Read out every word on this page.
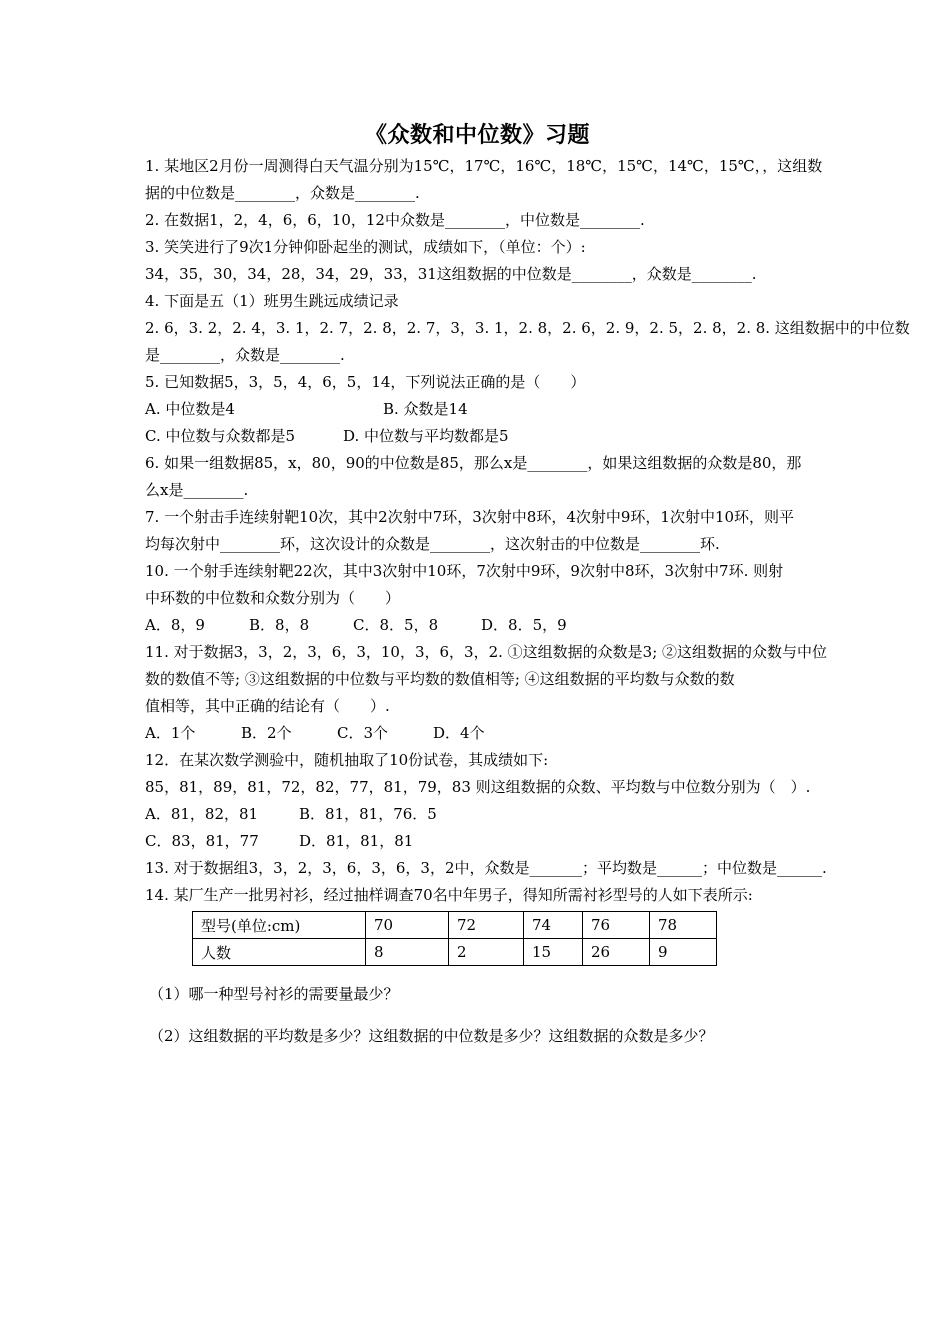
《众数和中位数》习题

1. 某地区2月份一周测得白天气温分别为15℃，17℃，16℃，18℃，15℃，14℃，15℃，，这组数

据的中位数是________，众数是________.

2. 在数据1，2，4，6，6，10，12中众数是________，中位数是________.

3. 笑笑进行了9次1分钟仰卧起坐的测试，成绩如下，（单位：个）:

34，35，30，34，28，34，29，33，31这组数据的中位数是________，众数是________.

4. 下面是五（1）班男生跳远成绩记录

2. 6，3. 2，2. 4，3. 1，2. 7，2. 8，2. 7，3，3. 1，2. 8，2. 6，2. 9，2. 5，2. 8，2. 8. 这组数据中的中位数

是________，众数是________.

5. 已知数据5，3，5，4，6，5，14，下列说法正确的是（　　）

A. 中位数是4	B. 众数是14
C. 中位数与众数都是5	D. 中位数与平均数都是5

6. 如果一组数据85，x，80，90的中位数是85，那么x是________，如果这组数据的众数是80，那

么x是________.

7. 一个射击手连续射靶10次，其中2次射中7环，3次射中8环，4次射中9环，1次射中10环，则平

均每次射中________环，这次设计的众数是________，这次射击的中位数是________环.

10. 一个射手连续射靶22次，其中3次射中10环，7次射中9环，9次射中8环，3次射中7环. 则射

中环数的中位数和众数分别为（　　）

A．8，9	B．8，8	C．8．5，8	D．8．5，9

11. 对于数据3，3，2，3，6，3，10，3，6，3，2. ①这组数据的众数是3; ②这组数据的众数与中位

数的数值不等; ③这组数据的中位数与平均数的数值相等; ④这组数据的平均数与众数的数

值相等，其中正确的结论有（　　）.

A．1个	B．2个	C．3个	D．4个

12．在某次数学测验中，随机抽取了10份试卷，其成绩如下:

85，81，89，81，72，82，77，81，79，83 则这组数据的众数、平均数与中位数分别为（　）.

A．81，82，81	B．81，81，76．5
C．83，81，77	D．81，81，81

13. 对于数据组3，3，2，3，6，3，6，3，2中，众数是_______；平均数是______；中位数是______.

14. 某厂生产一批男衬衫，经过抽样调查70名中年男子，得知所需衬衫型号的人如下表所示:

型号(单位:cm)	70	72	74	76	78
人数	8	2	15	26	9

（1）哪一种型号衬衫的需要量最少？

（2）这组数据的平均数是多少？这组数据的中位数是多少？这组数据的众数是多少？
